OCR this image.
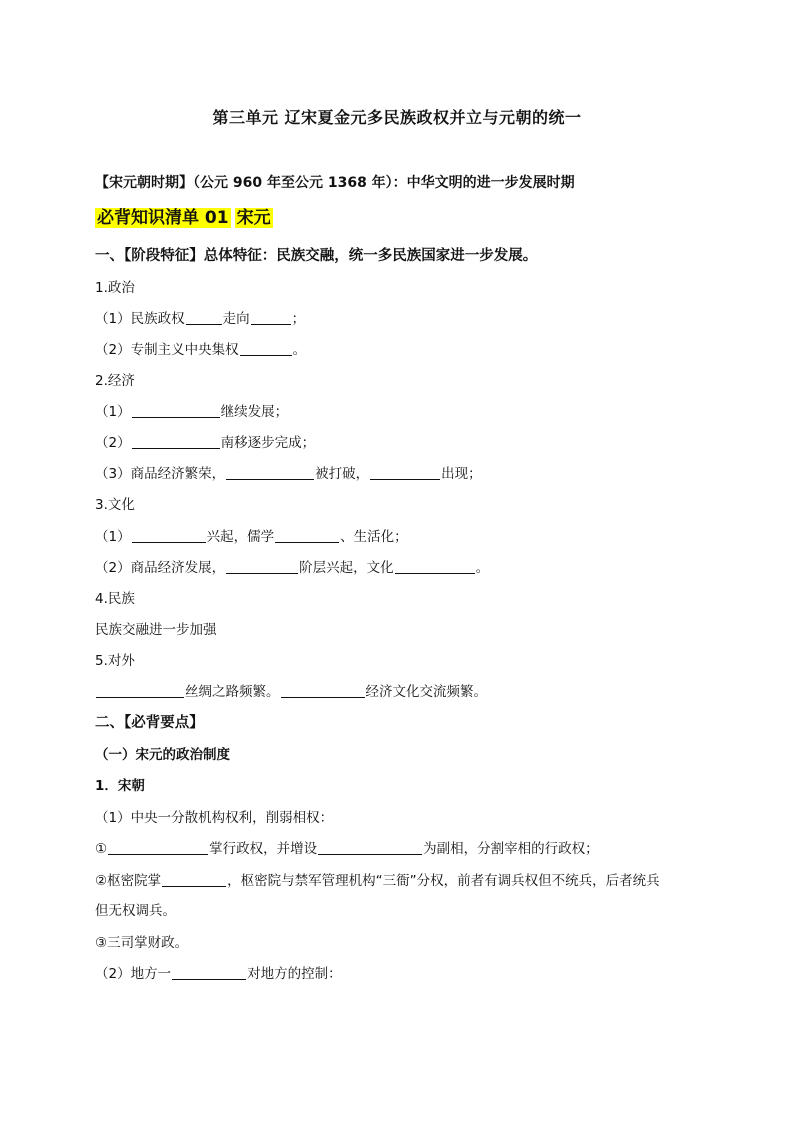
第三单元 辽宋夏金元多民族政权并立与元朝的统一
【宋元朝时期】（公元 960 年至公元 1368 年）：中华文明的进一步发展时期
必背知识清单 01 宋元
一、【阶段特征】总体特征：民族交融，统一多民族国家进一步发展。
1.政治
（1）民族政权	走向	；
（2）专制主义中央集权	。
2.经济
（1）	继续发展；
（2）	南移逐步完成；
（3）商品经济繁荣，	被打破，	出现；
3.文化
（1）	兴起，儒学	、生活化；
（2）商品经济发展，	阶层兴起，文化	。
4.民族
民族交融进一步加强
5.对外
丝绸之路频繁。	经济文化交流频繁。
二、【必背要点】
（一）宋元的政治制度
1．宋朝
（1）中央一分散机构权利，削弱相权：
①	掌行政权，并增设	为副相，分割宰相的行政权；
②枢密院掌	，枢密院与禁军管理机构“三衙”分权，前者有调兵权但不统兵，后者统兵
但无权调兵。
③三司掌财政。
（2）地方一	对地方的控制：
